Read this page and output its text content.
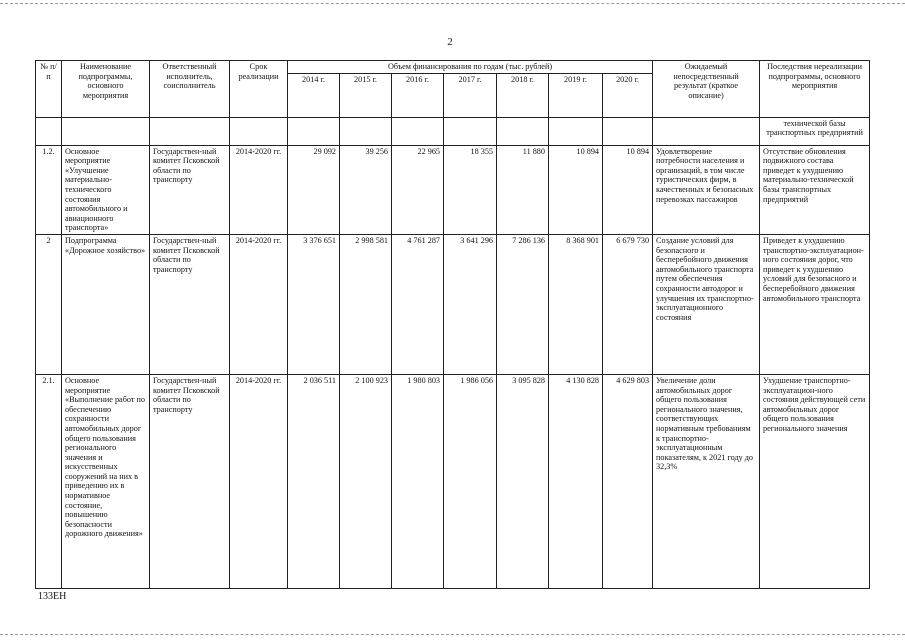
2
№ п/п	Наименование подпрограммы, основного мероприятия	Ответственный исполнитель, соисполнитель	Срок реализации	Объем финансирования по годам (тыс. рублей)							Ожидаемый непосредственный результат (краткое описание)	Последствия нереализации подпрограммы, основного мероприятия
				2014 г.	2015 г.	2016 г.	2017 г.	2018 г.	2019 г.	2020 г.		
												технической базы транспортных предприятий
1.2.	Основное мероприятие «Улучшение материально-технического состояния автомобильного и авиационного транспорта»	Государствен-ный комитет Псковской области по транспорту	2014-2020 гг.	29 092	39 256	22 965	18 355	11 880	10 894	10 894	Удовлетворение потребности населения и организаций, в том числе туристических фирм, в качественных и безопасных перевозках пассажиров	Отсутствие обновления подвижного состава приведет к ухудшению материально-технической базы транспортных предприятий
2	Подпрограмма «Дорожное хозяйство»	Государствен-ный комитет Псковской области по транспорту	2014-2020 гг.	3 376 651	2 998 581	4 761 287	3 641 296	7 286 136	8 368 901	6 679 730	Создание условий для безопасного и бесперебойного движения автомобильного транспорта путем обеспечения сохранности автодорог и улучшения их транспортно-эксплуатационного состояния	Приведет к ухудшению транспортно-эксплуатацион-ного состояния дорог, что приведет к ухудшению условий для безопасного и бесперебойного движения автомобильного транспорта
2.1.	Основное мероприятие «Выполнение работ по обеспечению сохранности автомобильных дорог общего пользования регионального значения и искусственных сооружений на них в приведению их в нормативное состояние, повышению безопасности дорожного движения»	Государствен-ный комитет Псковской области по транспорту	2014-2020 гг.	2 036 511	2 100 923	1 980 803	1 986 056	3 095 828	4 130 828	4 629 803	Увеличение доли автомобильных дорог общего пользования регионального значения, соответствующих нормативным требованиям к транспортно-эксплуатационным показателям, к 2021 году до 32,3%	Ухудшение транспортно-эксплуатацион-ного состояния действующей сети автомобильных дорог общего пользования регионального значения
133ЕН
